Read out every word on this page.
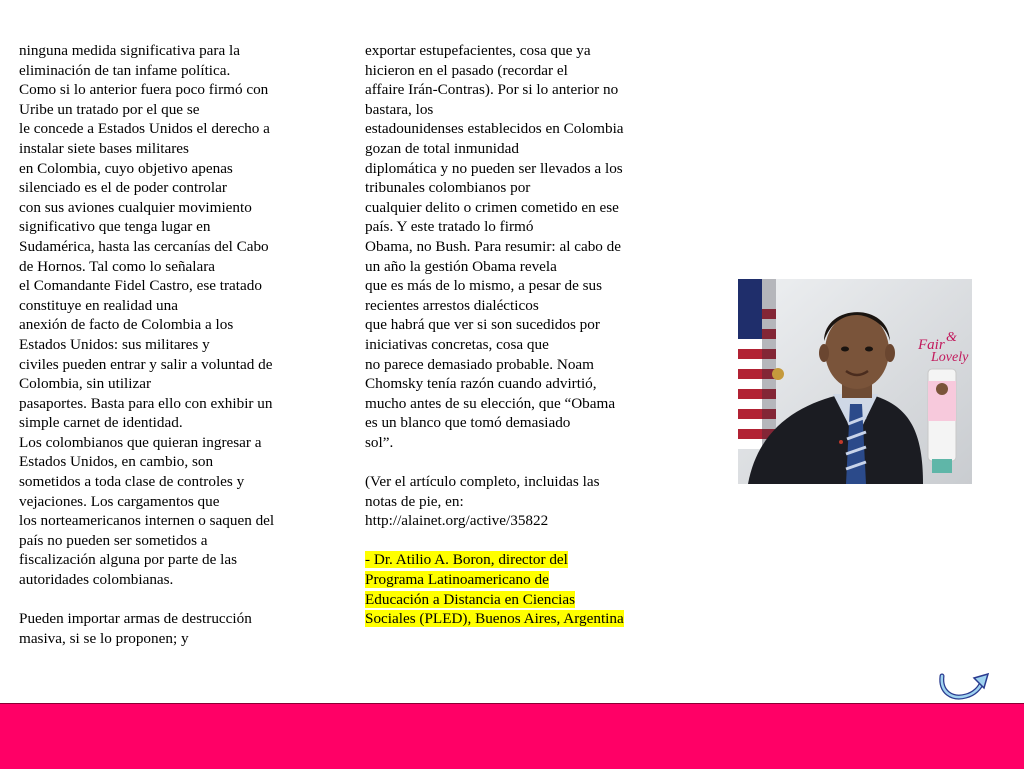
ninguna medida significativa para la
eliminación de tan infame política.
Como si lo anterior fuera poco firmó con
Uribe un tratado por el que se
le concede a Estados Unidos el derecho a
instalar siete bases militares
en Colombia, cuyo objetivo apenas
silenciado es el de poder controlar
con sus aviones cualquier movimiento
significativo que tenga lugar en
Sudamérica, hasta las cercanías del Cabo
de Hornos. Tal como lo señalara
el Comandante Fidel Castro, ese tratado
constituye en realidad una
anexión de facto de Colombia a los
Estados Unidos: sus militares y
civiles pueden entrar y salir a voluntad de
Colombia, sin utilizar
pasaportes. Basta para ello con exhibir un
simple carnet de identidad.
Los colombianos que quieran ingresar a
Estados Unidos, en cambio, son
sometidos a toda clase de controles y
vejaciones. Los cargamentos que
los norteamericanos internen o saquen del
país no pueden ser sometidos a
fiscalización alguna por parte de las
autoridades colombianas.
Pueden importar armas de destrucción
masiva, si se lo proponen; y
exportar estupefacientes, cosa que ya
hicieron en el pasado (recordar el
affaire Irán-Contras). Por si lo anterior no
bastara, los
estadounidenses establecidos en Colombia
gozan de total inmunidad
diplomática y no pueden ser llevados a los
tribunales colombianos por
cualquier delito o crimen cometido en ese
país. Y este tratado lo firmó
Obama, no Bush. Para resumir: al cabo de
un año la gestión Obama revela
que es más de lo mismo, a pesar de sus
recientes arrestos dialécticos
que habrá que ver si son sucedidos por
iniciativas concretas, cosa que
no parece demasiado probable. Noam
Chomsky tenía razón cuando advirtió,
mucho antes de su elección, que “Obama
es un blanco que tomó demasiado
sol”.
(Ver el artículo completo, incluidas las
notas de pie, en:
http://alainet.org/active/35822
- Dr. Atilio A. Boron, director del
Programa Latinoamericano de
Educación a Distancia en Ciencias
Sociales (PLED), Buenos Aires, Argentina
Fair &
Lovely
